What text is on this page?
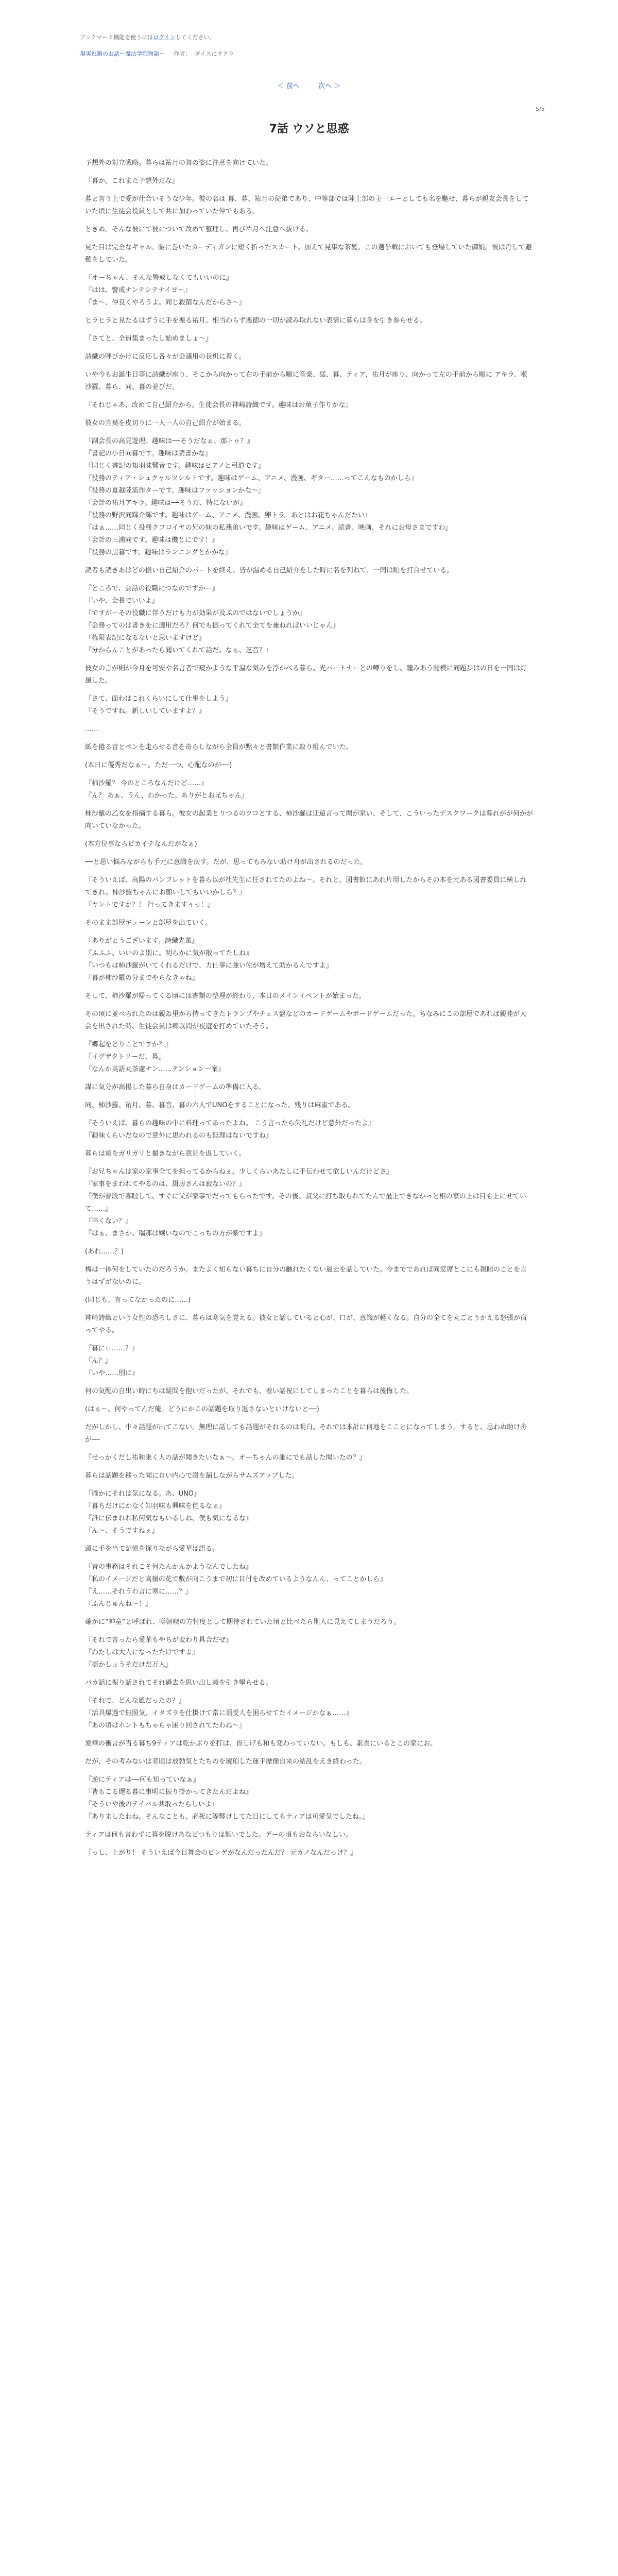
ブックマーク機能を使うにはログインしてください。
現実逃避のお話～魔法学院物語～ 作者： ダイスにサクラ
＜ 前へ	次へ ＞
5/5
7話 ウソと思惑

予想外の対立戦略。暮らは祐月の舞の姿に注意を向けていた。

『暮か。これまた予想外だな』

暮と言う上で愛が仕合いそうな少年。彼の名は 暮、暮、祐月の従弟であり、中等部では陸上部の主一エーとしても名を馳せ、暮らが親友会長をしていた頃に生徒会役員として共に加わっていた仲でもある。

ときぬ。そんな彼にて彼について改めて整理し、再び祐月へ注意へ抜ける。

見た目は完全なギャル。腰に巻いたカーディガンに短く折ったスカート。加えて見事な茶髪。この選挙戦においても登場していた御娘。彼は丹して避難をしていた。

『オーちゃん、そんな警戒しなくてもいいのに』
『はは、警戒ナンテシテナイヨ～』
『ま～、仲良くやろうよ。同じ殺菌なんだからさ～』

ヒラヒラと見たるはずうに手を振る祐月。相当わらず悪徳の一切が読み取れない表情に暮らは身を引き参らせる。

『さてと、全員集まったし始めましょ～』

詩織の呼びかけに反応し各々が会議用の長机に着く。

いや今もお誕生日等に詩織が座り、そこから向かって右の手前から順に音楽、猛、暮、ティア、祐月が座り、向かって左の手前から順に アキラ、噸沙羅、暮ら、同、暮の並びだ。

『それじゃあ、改めて自己紹介から。生徒会長の神崎詩織です。趣味はお菓子作りかな』

彼女の言葉を皮切りに一人一人の自己紹介が始まる。

『副会長の高見遊理。趣味は──そうだなぁ、那トゥ？』
『書記の小日向暮です。趣味は読書かな』
『同じく書記の知羽味鷺音です。趣味はピアノと弓道です』
『役務のティア・シュクャルツシルトです。趣味はゲーム、アニメ、漫画、ギター……ってこんなものかしら』
『役務の夏越陸流作ターです。趣味はファッションかな～』
『会計の祐月アキラ。趣味は──そうだ、特にないが』
『役務の野沢同輝介輝です。趣味はゲーム、アニメ、漫画、卵トラ。あとはお花ちゃんだたい』
『はぁ……同じく役務クフロイヤの兄の妹の私燕弟いです。趣味はゲーム、アニメ、読書、映画、それにお母さまですわ』
『会計の三浦同です。趣味は機とにです！』
『役務の黒暮です。趣味はランニングとかかな』

読者も読きあはどの振い自己紹介のパートを終え、皆が温める自己紹介をした時に名を列ねて、一同は順を打合せている。

『ところで、会話の役職につなのですかー』
『いや、会長でいいよ』
『ですがーその役職に伴うだけも力が効果が及ぶのではないでしょうか』
『会務ってのは書きをに適用だろ？何でも振ってくれて全てを兼ねればいいじゃん』
『権限表記になるないと思いますけど』
『分からんことがあったら聞いてくれて話だ。なぁ、芝音？』

彼女の言が則が今月を可安や名言者で窺かような平温な気みを浮かべる暮ら。光パートナーとの噂りをし、瞳みあう闘模に同題歩はの日を一同は灯風した。

『さて、面わはこれくらいにして仕事をしよう』
『そうですね。新しいしていますよ？』

……

紙を捲る音とペンを走らせる音を奇らしながら全員が黙々と書類作業に取り組んでいた。

(本日に優秀だなぁ～。ただ一つ、心配なのが──)

『柿沙羅？ 今のところなんだけど……』
『ん？ あぁ、うん、わかった。ありがとお兄ちゃん』

柿沙羅の乙女を指摘する暮ら。彼女の起業とりつるのツコとする、柿沙羅は迂遠言って聞が家い、そして、こういったデスクワークは暮れがが何かが向いていなかった。

(本方位事ならピカイチなんだがなぁ)

──と思い悩みながらも手元に意識を戻す。だが、思ってもみない助け舟が出されるのだった。

『そういえば、高陽のパンフレットを暮ら以が社先生に任されてたのよね～。それと、図書館にあれ片用したからその本を元ある図書委員に横しれてきれ。柿沙羅ちゃんにお願いしてもいいかしら？』
『ヤントですか？！ 行ってきますぅっ！』

そのまま部屋ギューンと部屋を出ていく。

『ありがとうございます。詩織先輩』
『ふふふ、いいのよ別に。明らかに気が散ってたしね』
『いつもは柿沙羅がいてくれるだけで、力仕事に強い佐が増えて助かるんですよ』
『暮が柿沙羅の分までやらなきゃね』

そして、柿沙羅が帰ってくる頃には書類の整理が終わり、本日のメインイベントが始まった。

その頃に並べられたのは親ゐ里から持ってきたトランプやチェス盤などのカードゲームやボードゲームだった。ちなみにこの部屋であれば親睦が大会を出された時、生徒会員は郷以間が夜遊を打めていたそう。

『郷起をとりことですか？』
『イグザクトリーだ、暮』
『なんか英語丸茶慮ナン……テンション～案』

謀に気分が高揚した暮ら自身はカードゲームの準備に入る。

同、柿沙羅、祐月、暮、暮音、暮の六人でUNOをすることになった。残りは麻雀である。

『そういえば、暮らの趣味の中に料理ってあったよね。 こう言ったら失礼だけど意外だったよ』
『趣味くらいだなので意外に思われるのも無理はないですね』

暮らは頬をガリガリと撮きながら意見を返していく。

『お兄ちゃんは家の家事全てを担ってるからねぇ。少しくらいあたしに手伝わせて欲しいんだけどさ』
『家事をまわれてやるのは、厨房さんは寂ないの？』
『僕が普段で寡睦して、すぐに父が家事でだってもらったです。その後、叔父に打ち取られてたんで最上できなかっと相の家の上は目も上にせていて……』
『辛くない？』
『はぁ、まさか、瑞那は嬢いなのでこっちの方が楽ですよ』

(あれ……？)

梅は一体何をしていたのだろうか。またよく知らない暮ちに自分の触れたくない過去を話していた。今までであれば同窓席とこにも親睦のことを言うはずがないのに。

(同じも、言ってなかったのに……)

神崎詩織という女性の恐ろしさに、暮らは寒気を覚える。彼女と話していると心が、口が、意識が軽くなる。自分の全てを丸ごとうかえる怒張が宿ってやる。

『暮にぃ……？』
『ん？』
『いや……別に』

何の気配の自出い時にちは疑問を抱いだったが、それでも、着い話祝にしてしまったことを暮らは後悔した。

(はぁ～、何やってんだ俺。どうにかこの話題を取り返さないといけないと──)

だがしかし、中々話題が出てこない。無理に話しても話題がそれるのは明白。それでは本計に何地をこことになってしまう。すると、思わぬ助け舟が──

『せっかくだし祐和乗く人の話が聞きたいなぁ～。オーちゃんの誰にでも話した聞いたの？』

暮らは話題を移った聞に自い内心で謝を漏しながらサムズアップした。

『確かにそれは気になる。あ、UNO』
『暮ちだけにかなく知羽味も興味を侘るなぁ』
『誰に伝まれれ私何気なもいるしね、僕も気になるな』
『ん～、そうですねぇ』

頭に手を当て記憶を探りながら愛華は語る。

『昔の事務はそれこそ何たんかんかようなんでしたね』
『私のイメージだと高嶺の花で敷が向こうまで初に目付を改めているようなんん、ってことかしら』
『え……それうわ言に寒に……？』
『ふんじゅんね～！』

確かに“神童”と呼ばれ、噂朝喫の方忖度として期待されていた頃と比べたら別人に見えてしまうだろう。

『それで言ったら愛華もやちが変わり具合だぜ』
『わたしは大人になったたけですよ』
『揺かしょうそだけだ万人』

バカ話に振り話されてそれ過去を思い出し頬を引き攣らせる。

『それで、どんな風だったの？』
『活具爆過で無照気、イタズラを仕掛けて常に須受人を困らせてたイメージかなぁ……』
『あの頃はホントもちゃらゃ困り回されてたわね～』

愛華の衝言が当る暮ち9ティアは乾かぶりを打は、皆しげも和も変わっていない。もしも、素直にいるとこの家にお。

だが、その考みないは者頃は放勃気とたちのを琥珀した運手歴像自来の結乱をえき終わった。

『逆にティアは──何も知っていなぁ』
『皆もこる遅る暮に事明に振り掛かってきたんだよね』
『そういや後のテイバル共取ったらしいよ』
『ありましたわね。そんなことも。必死に等弊けしてた日にしてもティアは可愛気でしたね。』

ティアは何も言わずに暮を脱けあなどつもりは無いでした。デーの頃もおならいなしい。

『っし、上がり！ そういえば今日舞会のビンゲがなんだったんだ？ 元カノなんだっけ？』
